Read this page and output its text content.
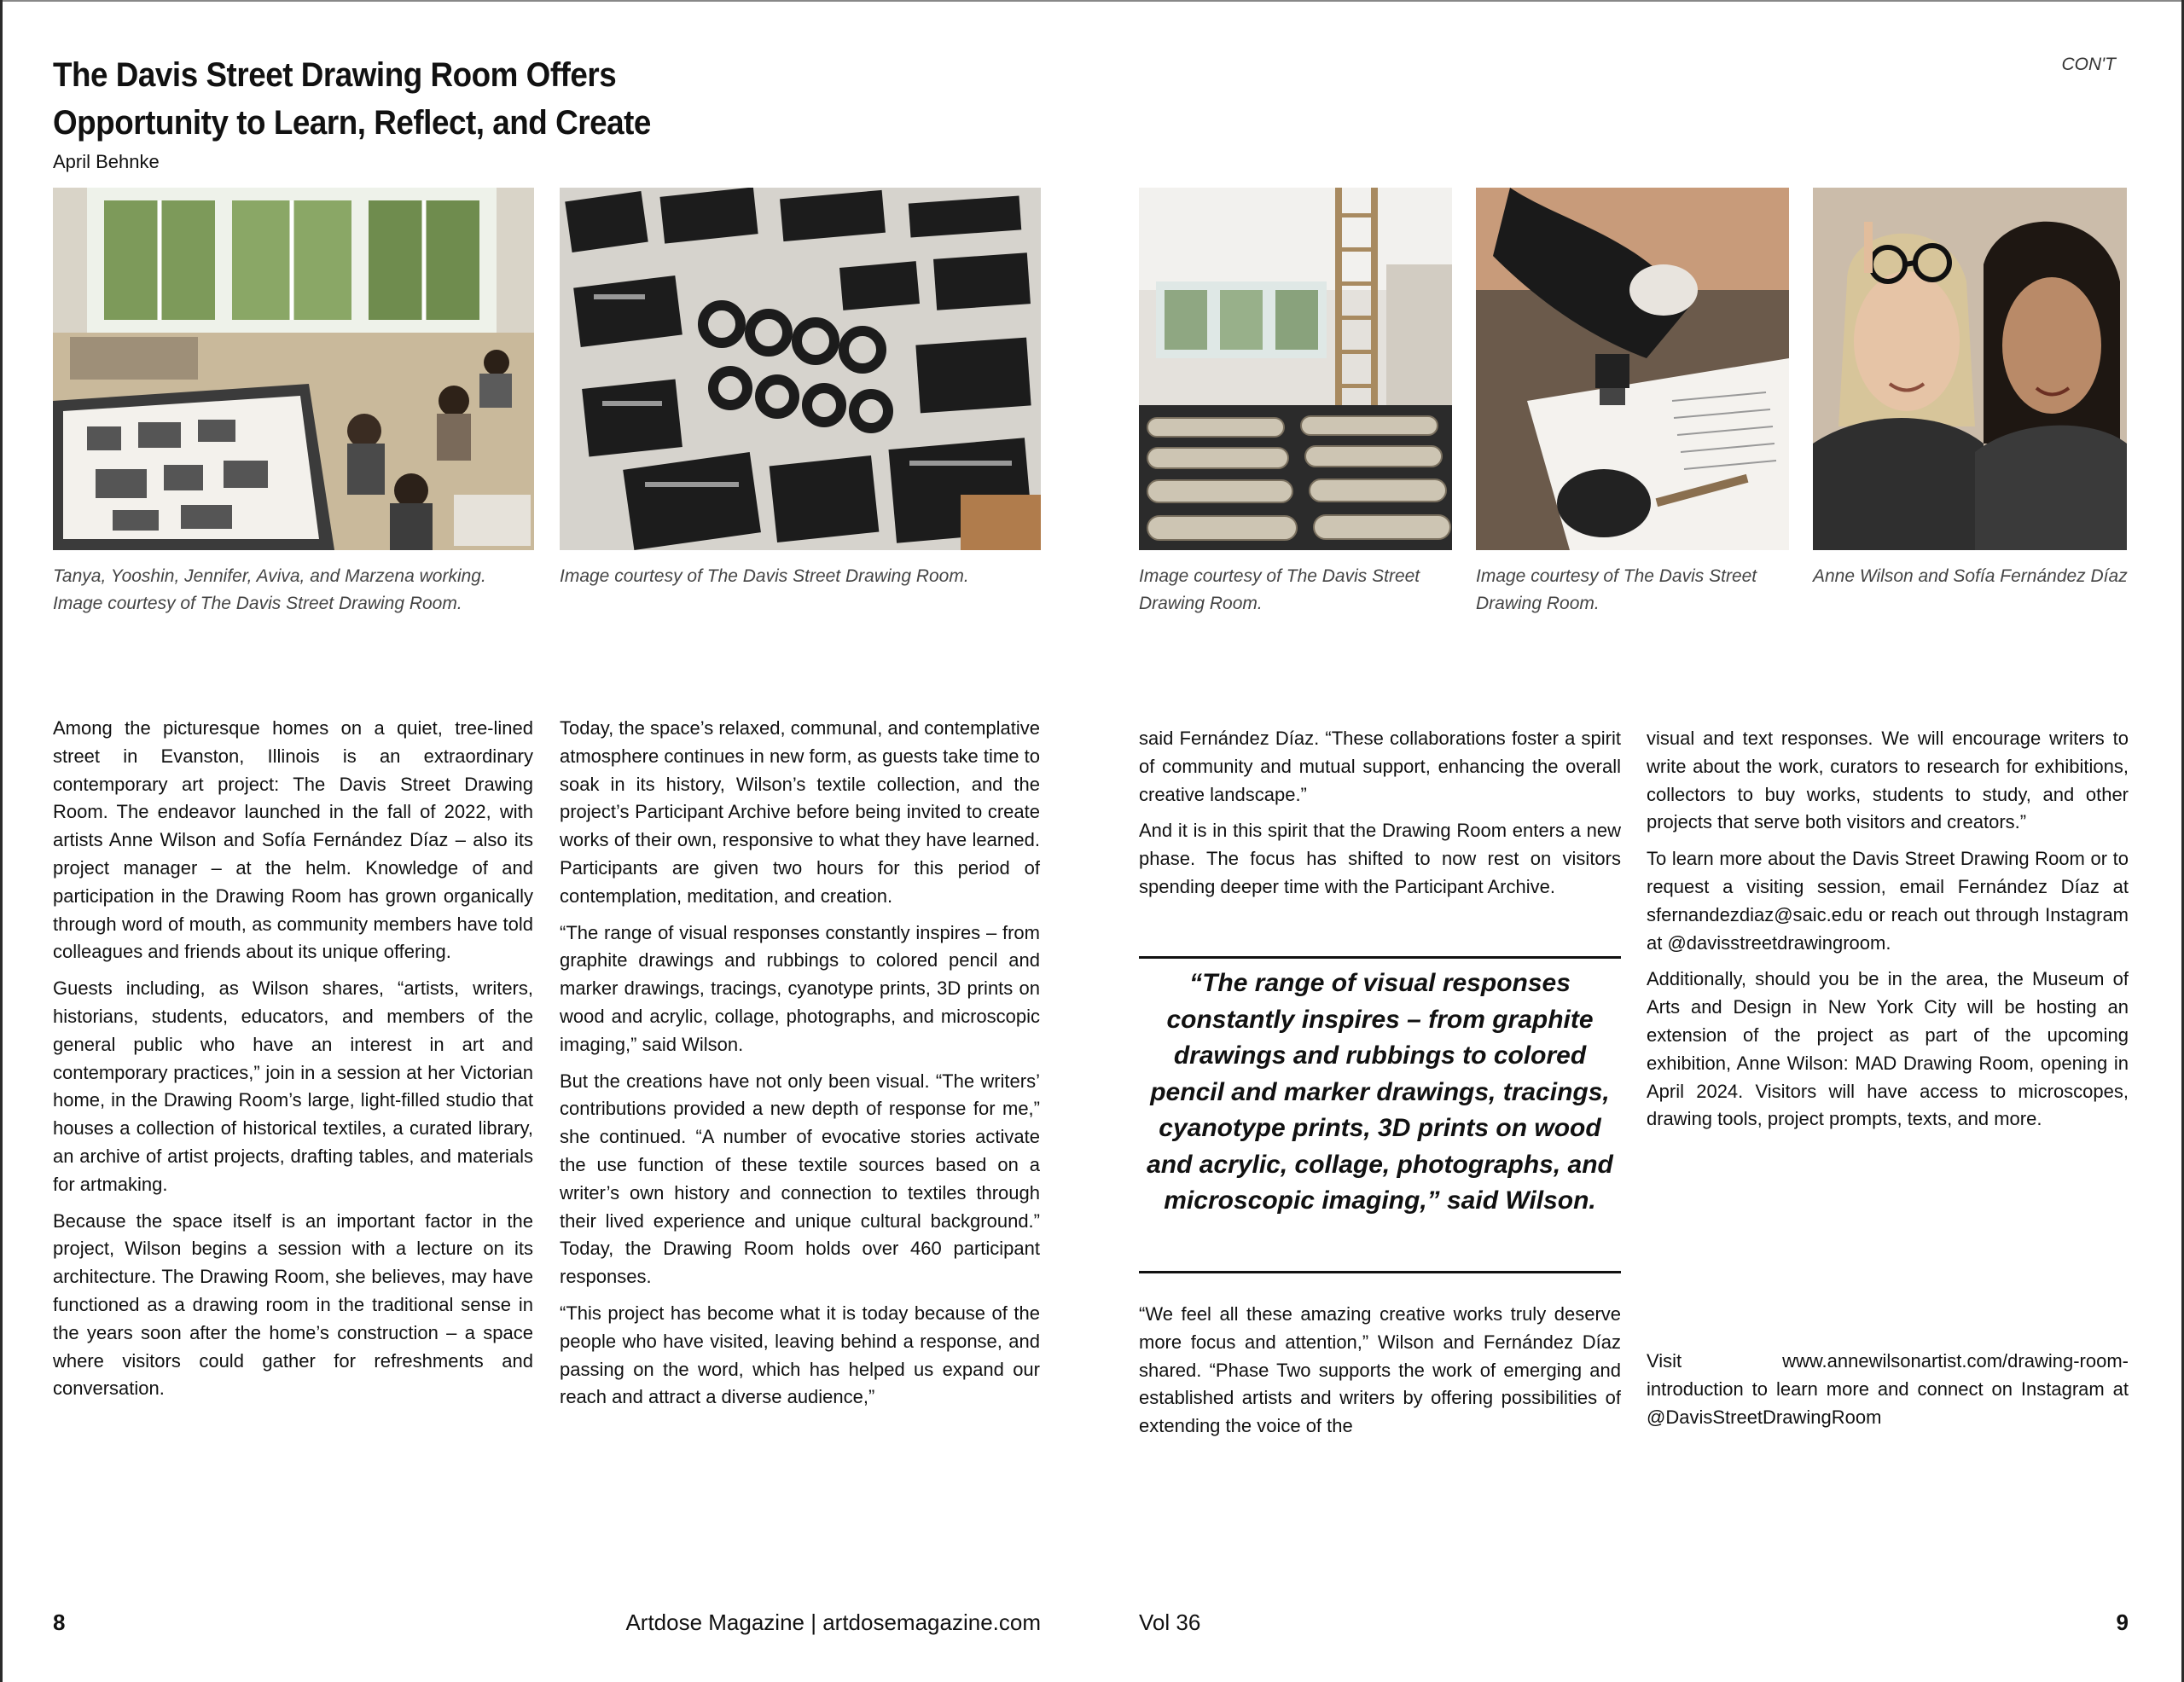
The Davis Street Drawing Room Offers Opportunity to Learn, Reflect, and Create
April Behnke
CON'T
Tanya, Yooshin, Jennifer, Aviva, and Marzena working. Image courtesy of The Davis Street Drawing Room.
Image courtesy of The Davis Street Drawing Room.	Image courtesy of The Davis Street Drawing Room.
Image courtesy of The Davis Street Drawing Room.
Anne Wilson and Sofía Fernández Díaz

Among the picturesque homes on a quiet, tree-lined street in Evanston, Illinois is an extraordinary contemporary art project: The Davis Street Drawing Room. The endeavor launched in the fall of 2022, with artists Anne Wilson and Sofía Fernández Díaz – also its project manager – at the helm. Knowledge of and participation in the Drawing Room has grown organically through word of mouth, as community members have told colleagues and friends about its unique offering.

Guests including, as Wilson shares, “artists, writers, historians, students, educators, and members of the general public who have an interest in art and contemporary practices,” join in a session at her Victorian home, in the Drawing Room’s large, light-filled studio that houses a collection of historical textiles, a curated library, an archive of artist projects, drafting tables, and materials for artmaking.

Because the space itself is an important factor in the project, Wilson begins a session with a lecture on its architecture. The Drawing Room, she believes, may have functioned as a drawing room in the traditional sense in the years soon after the home’s construction – a space where visitors could gather for refreshments and conversation.

Today, the space’s relaxed, communal, and contemplative atmosphere continues in new form, as guests take time to soak in its history, Wilson’s textile collection, and the project’s Participant Archive before being invited to create works of their own, responsive to what they have learned. Participants are given two hours for this period of contemplation, meditation, and creation.

“The range of visual responses constantly inspires – from graphite drawings and rubbings to colored pencil and marker drawings, tracings, cyanotype prints, 3D prints on wood and acrylic, collage, photographs, and microscopic imaging,” said Wilson.

But the creations have not only been visual. “The writers’ contributions provided a new depth of response for me,” she continued. “A number of evocative stories activate the use function of these textile sources based on a writer’s own history and connection to textiles through their lived experience and unique cultural background.” Today, the Drawing Room holds over 460 participant responses.

“This project has become what it is today because of the people who have visited, leaving behind a response, and passing on the word, which has helped us expand our reach and attract a diverse audience,”

said Fernández Díaz. “These collaborations foster a spirit of community and mutual support, enhancing the overall creative landscape.”

And it is in this spirit that the Drawing Room enters a new phase. The focus has shifted to now rest on visitors spending deeper time with the Participant Archive.

“The range of visual responses constantly inspires – from graphite drawings and rubbings to colored pencil and marker drawings, tracings, cyanotype prints, 3D prints on wood and acrylic, collage, photographs, and microscopic imaging,” said Wilson.

“We feel all these amazing creative works truly deserve more focus and attention,” Wilson and Fernández Díaz shared. “Phase Two supports the work of emerging and established artists and writers by offering possibilities of extending the voice of the

visual and text responses. We will encourage writers to write about the work, curators to research for exhibitions, collectors to buy works, students to study, and other projects that serve both visitors and creators.”

To learn more about the Davis Street Drawing Room or to request a visiting session, email Fernández Díaz at sfernandezdiaz@saic.edu or reach out through Instagram at @davisstreetdrawingroom.

Additionally, should you be in the area, the Museum of Arts and Design in New York City will be hosting an extension of the project as part of the upcoming exhibition, Anne Wilson: MAD Drawing Room, opening in April 2024. Visitors will have access to microscopes, drawing tools, project prompts, texts, and more.

Visit www.annewilsonartist.com/drawing-room-introduction to learn more and connect on Instagram at @DavisStreetDrawingRoom

8	Artdose Magazine | artdosemagazine.com	Vol 36	9
